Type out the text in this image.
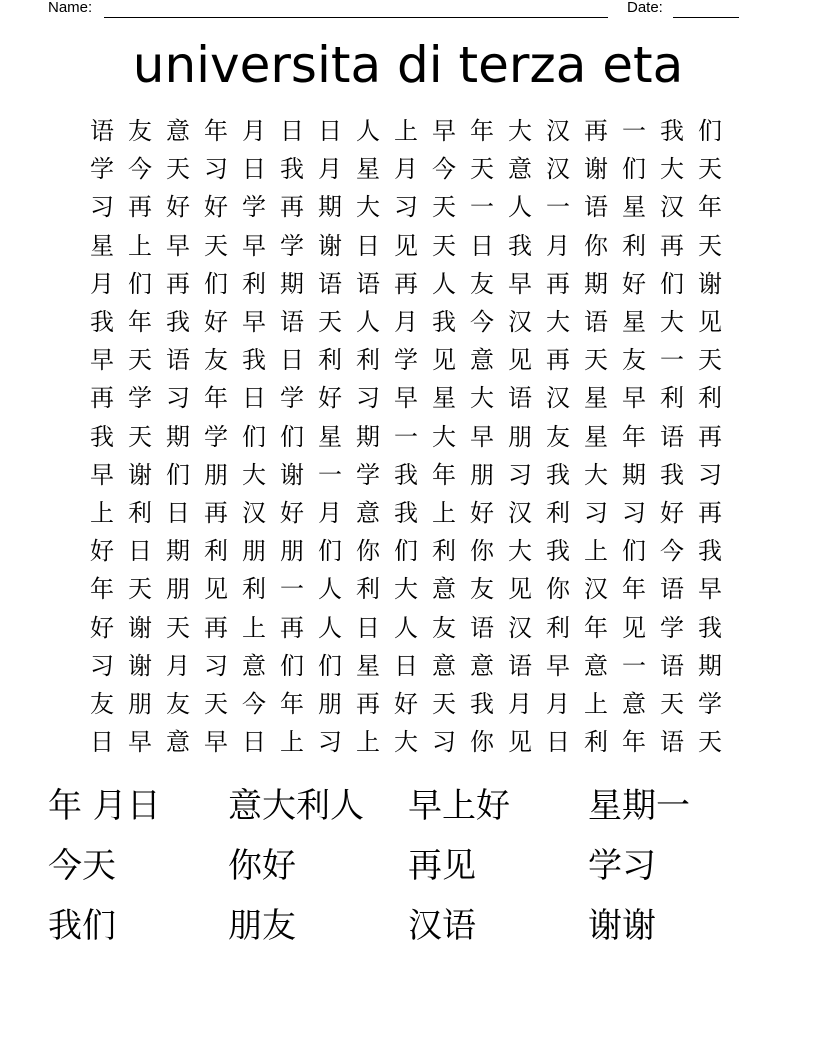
Name:	Date:
universita di terza eta
语 友 意 年 月 日 日 人 上 早 年 大 汉 再 一 我 们
学 今 天 习 日 我 月 星 月 今 天 意 汉 谢 们 大 天
习 再 好 好 学 再 期 大 习 天 一 人 一 语 星 汉 年
星 上 早 天 早 学 谢 日 见 天 日 我 月 你 利 再 天
月 们 再 们 利 期 语 语 再 人 友 早 再 期 好 们 谢
我 年 我 好 早 语 天 人 月 我 今 汉 大 语 星 大 见
早 天 语 友 我 日 利 利 学 见 意 见 再 天 友 一 天
再 学 习 年 日 学 好 习 早 星 大 语 汉 星 早 利 利
我 天 期 学 们 们 星 期 一 大 早 朋 友 星 年 语 再
早 谢 们 朋 大 谢 一 学 我 年 朋 习 我 大 期 我 习
上 利 日 再 汉 好 月 意 我 上 好 汉 利 习 习 好 再
好 日 期 利 朋 朋 们 你 们 利 你 大 我 上 们 今 我
年 天 朋 见 利 一 人 利 大 意 友 见 你 汉 年 语 早
好 谢 天 再 上 再 人 日 人 友 语 汉 利 年 见 学 我
习 谢 月 习 意 们 们 星 日 意 意 语 早 意 一 语 期
友 朋 友 天 今 年 朋 再 好 天 我 月 月 上 意 天 学
日 早 意 早 日 上 习 上 大 习 你 见 日 利 年 语 天
年 月日	意大利人	早上好	星期一
今天	你好	再见	学习
我们	朋友	汉语	谢谢
